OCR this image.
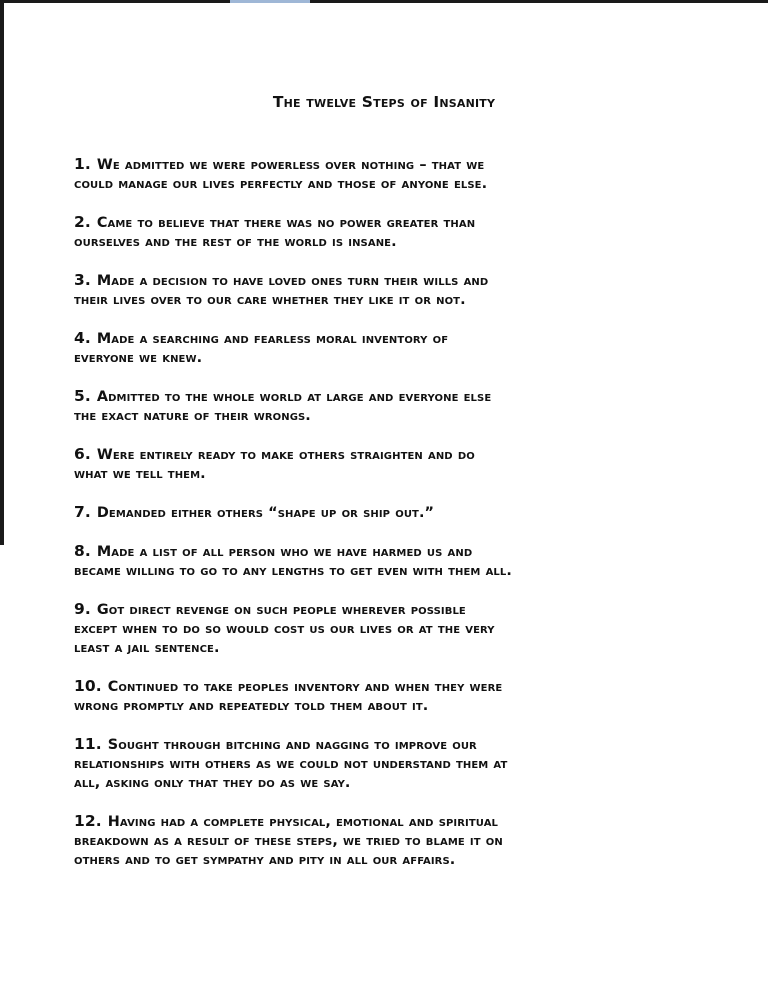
The twelve Steps of Insanity
1. We admitted we were powerless over nothing – that we
could manage our lives perfectly and those of anyone else.
2. Came to believe that there was no power greater than
ourselves and the rest of the world is insane.
3. Made a decision to have loved ones turn their wills and
their lives over to our care whether they like it or not.
4. Made a searching and fearless moral inventory of
everyone we knew.
5. Admitted to the whole world at large and everyone else
the exact nature of their wrongs.
6. Were entirely ready to make others straighten and do
what we tell them.
7. Demanded either others “shape up or ship out.”
8. Made a list of all person who we have harmed us and
became willing to go to any lengths to get even with them all.
9. Got direct revenge on such people wherever possible
except when to do so would cost us our lives or at the very
least a jail sentence.
10. Continued to take peoples inventory and when they were
wrong promptly and repeatedly told them about it.
11. Sought through bitching and nagging to improve our
relationships with others as we could not understand them at
all, asking only that they do as we say.
12. Having had a complete physical, emotional and spiritual
breakdown as a result of these steps, we tried to blame it on
others and to get sympathy and pity in all our affairs.
